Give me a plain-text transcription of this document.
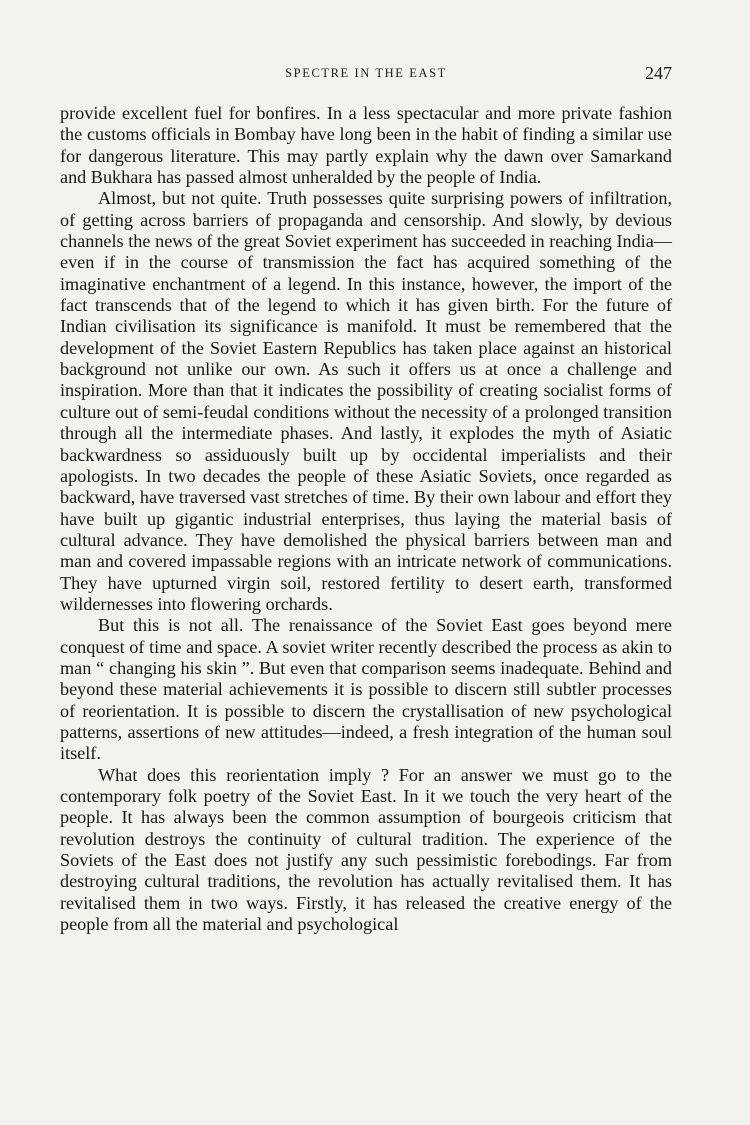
SPECTRE IN THE EAST	247

provide excellent fuel for bonfires. In a less spectacular and more private fashion the customs officials in Bombay have long been in the habit of finding a similar use for dangerous literature. This may partly explain why the dawn over Samarkand and Bukhara has passed almost unheralded by the people of India.

Almost, but not quite. Truth possesses quite surprising powers of infiltration, of getting across barriers of propaganda and censorship. And slowly, by devious channels the news of the great Soviet experiment has succeeded in reaching India—even if in the course of transmission the fact has acquired something of the imaginative enchantment of a legend. In this instance, however, the import of the fact transcends that of the legend to which it has given birth. For the future of Indian civilisation its significance is manifold. It must be remembered that the development of the Soviet Eastern Republics has taken place against an historical background not unlike our own. As such it offers us at once a challenge and inspiration. More than that it indicates the possibility of creating socialist forms of culture out of semi-feudal conditions without the necessity of a prolonged transition through all the intermediate phases. And lastly, it explodes the myth of Asiatic backwardness so assiduously built up by occidental imperialists and their apologists. In two decades the people of these Asiatic Soviets, once regarded as backward, have traversed vast stretches of time. By their own labour and effort they have built up gigantic industrial enterprises, thus laying the material basis of cultural advance. They have demolished the physical barriers between man and man and covered impassable regions with an intricate network of communications. They have upturned virgin soil, restored fertility to desert earth, transformed wildernesses into flowering orchards.

But this is not all. The renaissance of the Soviet East goes beyond mere conquest of time and space. A soviet writer recently described the process as akin to man “ changing his skin ”. But even that comparison seems inadequate. Behind and beyond these material achievements it is possible to discern still subtler processes of reorientation. It is possible to discern the crystallisation of new psychological patterns, assertions of new attitudes—indeed, a fresh integration of the human soul itself.

What does this reorientation imply ? For an answer we must go to the contemporary folk poetry of the Soviet East. In it we touch the very heart of the people. It has always been the common assumption of bourgeois criticism that revolution destroys the continuity of cultural tradition. The experience of the Soviets of the East does not justify any such pessimistic forebodings. Far from destroying cultural traditions, the revolution has actually revitalised them. It has revitalised them in two ways. Firstly, it has released the creative energy of the people from all the material and psychological
